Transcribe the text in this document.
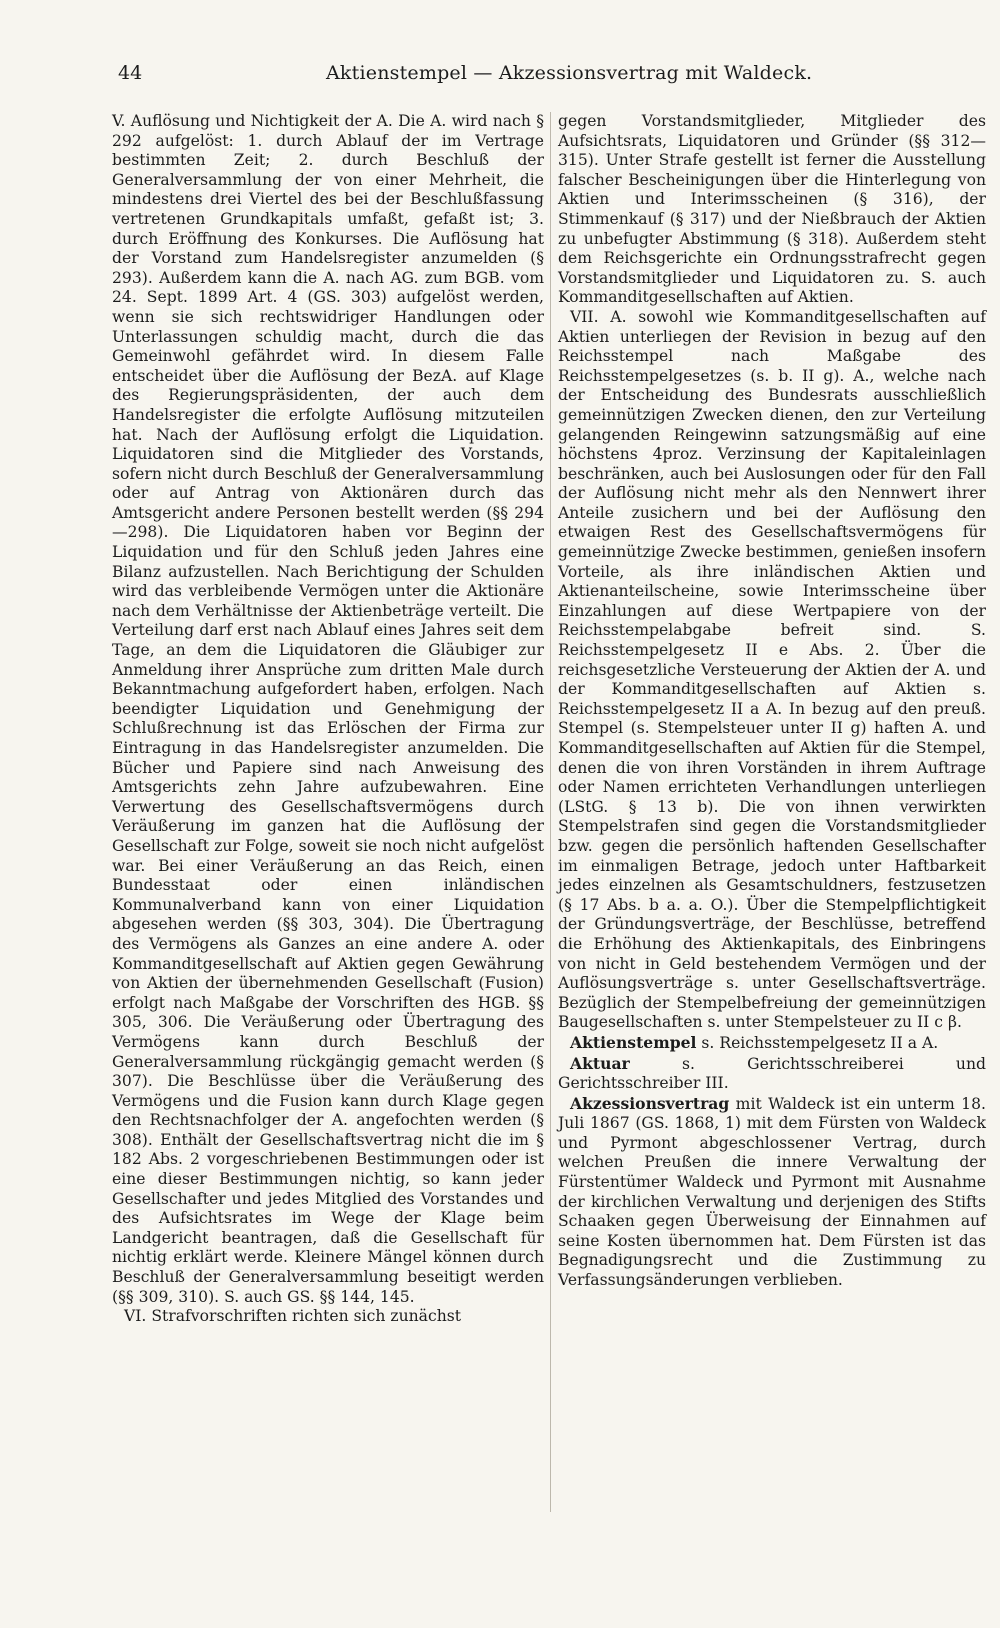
44	Aktienstempel — Akzessionsvertrag mit Waldeck.

V. Auflösung und Nichtigkeit der A. Die A. wird nach § 292 aufgelöst: 1. durch Ablauf der im Vertrage bestimmten Zeit; 2. durch Beschluß der Generalversammlung der von einer Mehrheit, die mindestens drei Viertel des bei der Beschlußfassung vertretenen Grundkapitals umfaßt, gefaßt ist; 3. durch Eröffnung des Konkurses. Die Auflösung hat der Vorstand zum Handelsregister anzumelden (§ 293). Außerdem kann die A. nach AG. zum BGB. vom 24. Sept. 1899 Art. 4 (GS. 303) aufgelöst werden, wenn sie sich rechtswidriger Handlungen oder Unterlassungen schuldig macht, durch die das Gemeinwohl gefährdet wird. In diesem Falle entscheidet über die Auflösung der BezA. auf Klage des Regierungspräsidenten, der auch dem Handelsregister die erfolgte Auflösung mitzuteilen hat. Nach der Auflösung erfolgt die Liquidation. Liquidatoren sind die Mitglieder des Vorstands, sofern nicht durch Beschluß der Generalversammlung oder auf Antrag von Aktionären durch das Amtsgericht andere Personen bestellt werden (§§ 294—298). Die Liquidatoren haben vor Beginn der Liquidation und für den Schluß jeden Jahres eine Bilanz aufzustellen. Nach Berichtigung der Schulden wird das verbleibende Vermögen unter die Aktionäre nach dem Verhältnisse der Aktienbeträge verteilt. Die Verteilung darf erst nach Ablauf eines Jahres seit dem Tage, an dem die Liquidatoren die Gläubiger zur Anmeldung ihrer Ansprüche zum dritten Male durch Bekanntmachung aufgefordert haben, erfolgen. Nach beendigter Liquidation und Genehmigung der Schlußrechnung ist das Erlöschen der Firma zur Eintragung in das Handelsregister anzumelden. Die Bücher und Papiere sind nach Anweisung des Amtsgerichts zehn Jahre aufzubewahren. Eine Verwertung des Gesellschaftsvermögens durch Veräußerung im ganzen hat die Auflösung der Gesellschaft zur Folge, soweit sie noch nicht aufgelöst war. Bei einer Veräußerung an das Reich, einen Bundesstaat oder einen inländischen Kommunalverband kann von einer Liquidation abgesehen werden (§§ 303, 304). Die Übertragung des Vermögens als Ganzes an eine andere A. oder Kommanditgesellschaft auf Aktien gegen Gewährung von Aktien der übernehmenden Gesellschaft (Fusion) erfolgt nach Maßgabe der Vorschriften des HGB. §§ 305, 306. Die Veräußerung oder Übertragung des Vermögens kann durch Beschluß der Generalversammlung rückgängig gemacht werden (§ 307). Die Beschlüsse über die Veräußerung des Vermögens und die Fusion kann durch Klage gegen den Rechtsnachfolger der A. angefochten werden (§ 308). Enthält der Gesellschaftsvertrag nicht die im § 182 Abs. 2 vorgeschriebenen Bestimmungen oder ist eine dieser Bestimmungen nichtig, so kann jeder Gesellschafter und jedes Mitglied des Vorstandes und des Aufsichtsrates im Wege der Klage beim Landgericht beantragen, daß die Gesellschaft für nichtig erklärt werde. Kleinere Mängel können durch Beschluß der Generalversammlung beseitigt werden (§§ 309, 310). S. auch GS. §§ 144, 145.

VI. Strafvorschriften richten sich zunächst

gegen Vorstandsmitglieder, Mitglieder des Aufsichtsrats, Liquidatoren und Gründer (§§ 312—315). Unter Strafe gestellt ist ferner die Ausstellung falscher Bescheinigungen über die Hinterlegung von Aktien und Interimsscheinen (§ 316), der Stimmenkauf (§ 317) und der Nießbrauch der Aktien zu unbefugter Abstimmung (§ 318). Außerdem steht dem Reichsgerichte ein Ordnungsstrafrecht gegen Vorstandsmitglieder und Liquidatoren zu. S. auch Kommanditgesellschaften auf Aktien.

VII. A. sowohl wie Kommanditgesellschaften auf Aktien unterliegen der Revision in bezug auf den Reichsstempel nach Maßgabe des Reichsstempelgesetzes (s. b. II g). A., welche nach der Entscheidung des Bundesrats ausschließlich gemeinnützigen Zwecken dienen, den zur Verteilung gelangenden Reingewinn satzungsmäßig auf eine höchstens 4proz. Verzinsung der Kapitaleinlagen beschränken, auch bei Auslosungen oder für den Fall der Auflösung nicht mehr als den Nennwert ihrer Anteile zusichern und bei der Auflösung den etwaigen Rest des Gesellschaftsvermögens für gemeinnützige Zwecke bestimmen, genießen insofern Vorteile, als ihre inländischen Aktien und Aktienanteilscheine, sowie Interimsscheine über Einzahlungen auf diese Wertpapiere von der Reichsstempelabgabe befreit sind. S. Reichsstempelgesetz II e Abs. 2. Über die reichsgesetzliche Versteuerung der Aktien der A. und der Kommanditgesellschaften auf Aktien s. Reichsstempelgesetz II a A. In bezug auf den preuß. Stempel (s. Stempelsteuer unter II g) haften A. und Kommanditgesellschaften auf Aktien für die Stempel, denen die von ihren Vorständen in ihrem Auftrage oder Namen errichteten Verhandlungen unterliegen (LStG. § 13 b). Die von ihnen verwirkten Stempelstrafen sind gegen die Vorstandsmitglieder bzw. gegen die persönlich haftenden Gesellschafter im einmaligen Betrage, jedoch unter Haftbarkeit jedes einzelnen als Gesamtschuldners, festzusetzen (§ 17 Abs. b a. a. O.). Über die Stempelpflichtigkeit der Gründungsverträge, der Beschlüsse, betreffend die Erhöhung des Aktienkapitals, des Einbringens von nicht in Geld bestehendem Vermögen und der Auflösungsverträge s. unter Gesellschaftsverträge. Bezüglich der Stempelbefreiung der gemeinnützigen Baugesellschaften s. unter Stempelsteuer zu II c β.

Aktienstempel s. Reichsstempelgesetz II a A.

Aktuar	s. Gerichtsschreiberei und Gerichtsschreiber III.

Akzessionsvertrag mit Waldeck ist ein unterm 18. Juli 1867 (GS. 1868, 1) mit dem Fürsten von Waldeck und Pyrmont abgeschlossener Vertrag, durch welchen Preußen die innere Verwaltung der Fürstentümer Waldeck und Pyrmont mit Ausnahme der kirchlichen Verwaltung und derjenigen des Stifts Schaaken gegen Überweisung der Einnahmen auf seine Kosten übernommen hat. Dem Fürsten ist das Begnadigungsrecht und die Zustimmung zu Verfassungsänderungen verblieben.
